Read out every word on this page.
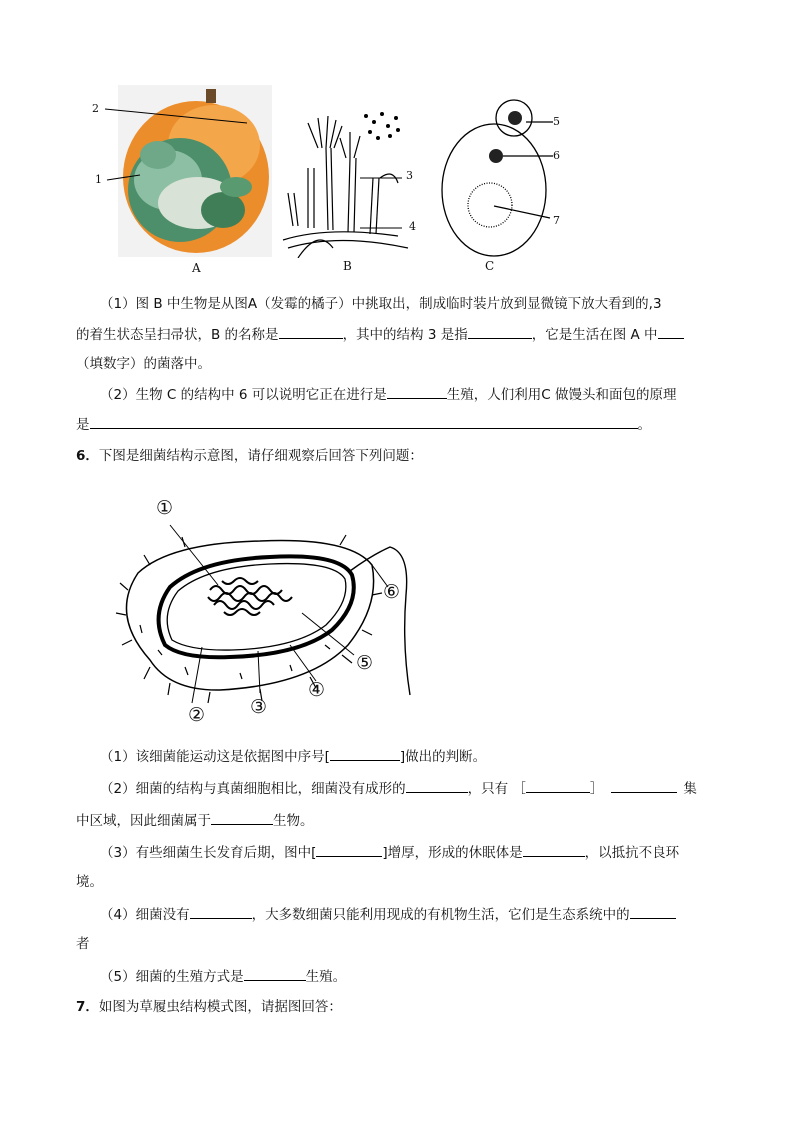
2
1
A
3
4
B
5
6
7
C
（1）图 B 中生物是从图A（发霉的橘子）中挑取出，制成临时装片放到显微镜下放大看到的,3
的着生状态呈扫帚状，B 的名称是	，其中的结构 3 是指	，它是生活在图 A 中
（填数字）的菌落中。
（2）生物 C 的结构中 6 可以说明它正在进行是	生殖，人们利用C 做馒头和面包的原理
是	。
6．下图是细菌结构示意图，请仔细观察后回答下列问题：
①
② ③
④
⑤
⑥
（1）该细菌能运动这是依据图中序号[	]做出的判断。
（2）细菌的结构与真菌细胞相比，细菌没有成形的	，只有 ［	］	集
中区域，因此细菌属于	生物。
（3）有些细菌生长发育后期，图中[	]增厚，形成的休眠体是	，以抵抗不良环
境。
（4）细菌没有	，大多数细菌只能利用现成的有机物生活，它们是生态系统中的
者
（5）细菌的生殖方式是	生殖。
7．如图为草履虫结构模式图，请据图回答：
